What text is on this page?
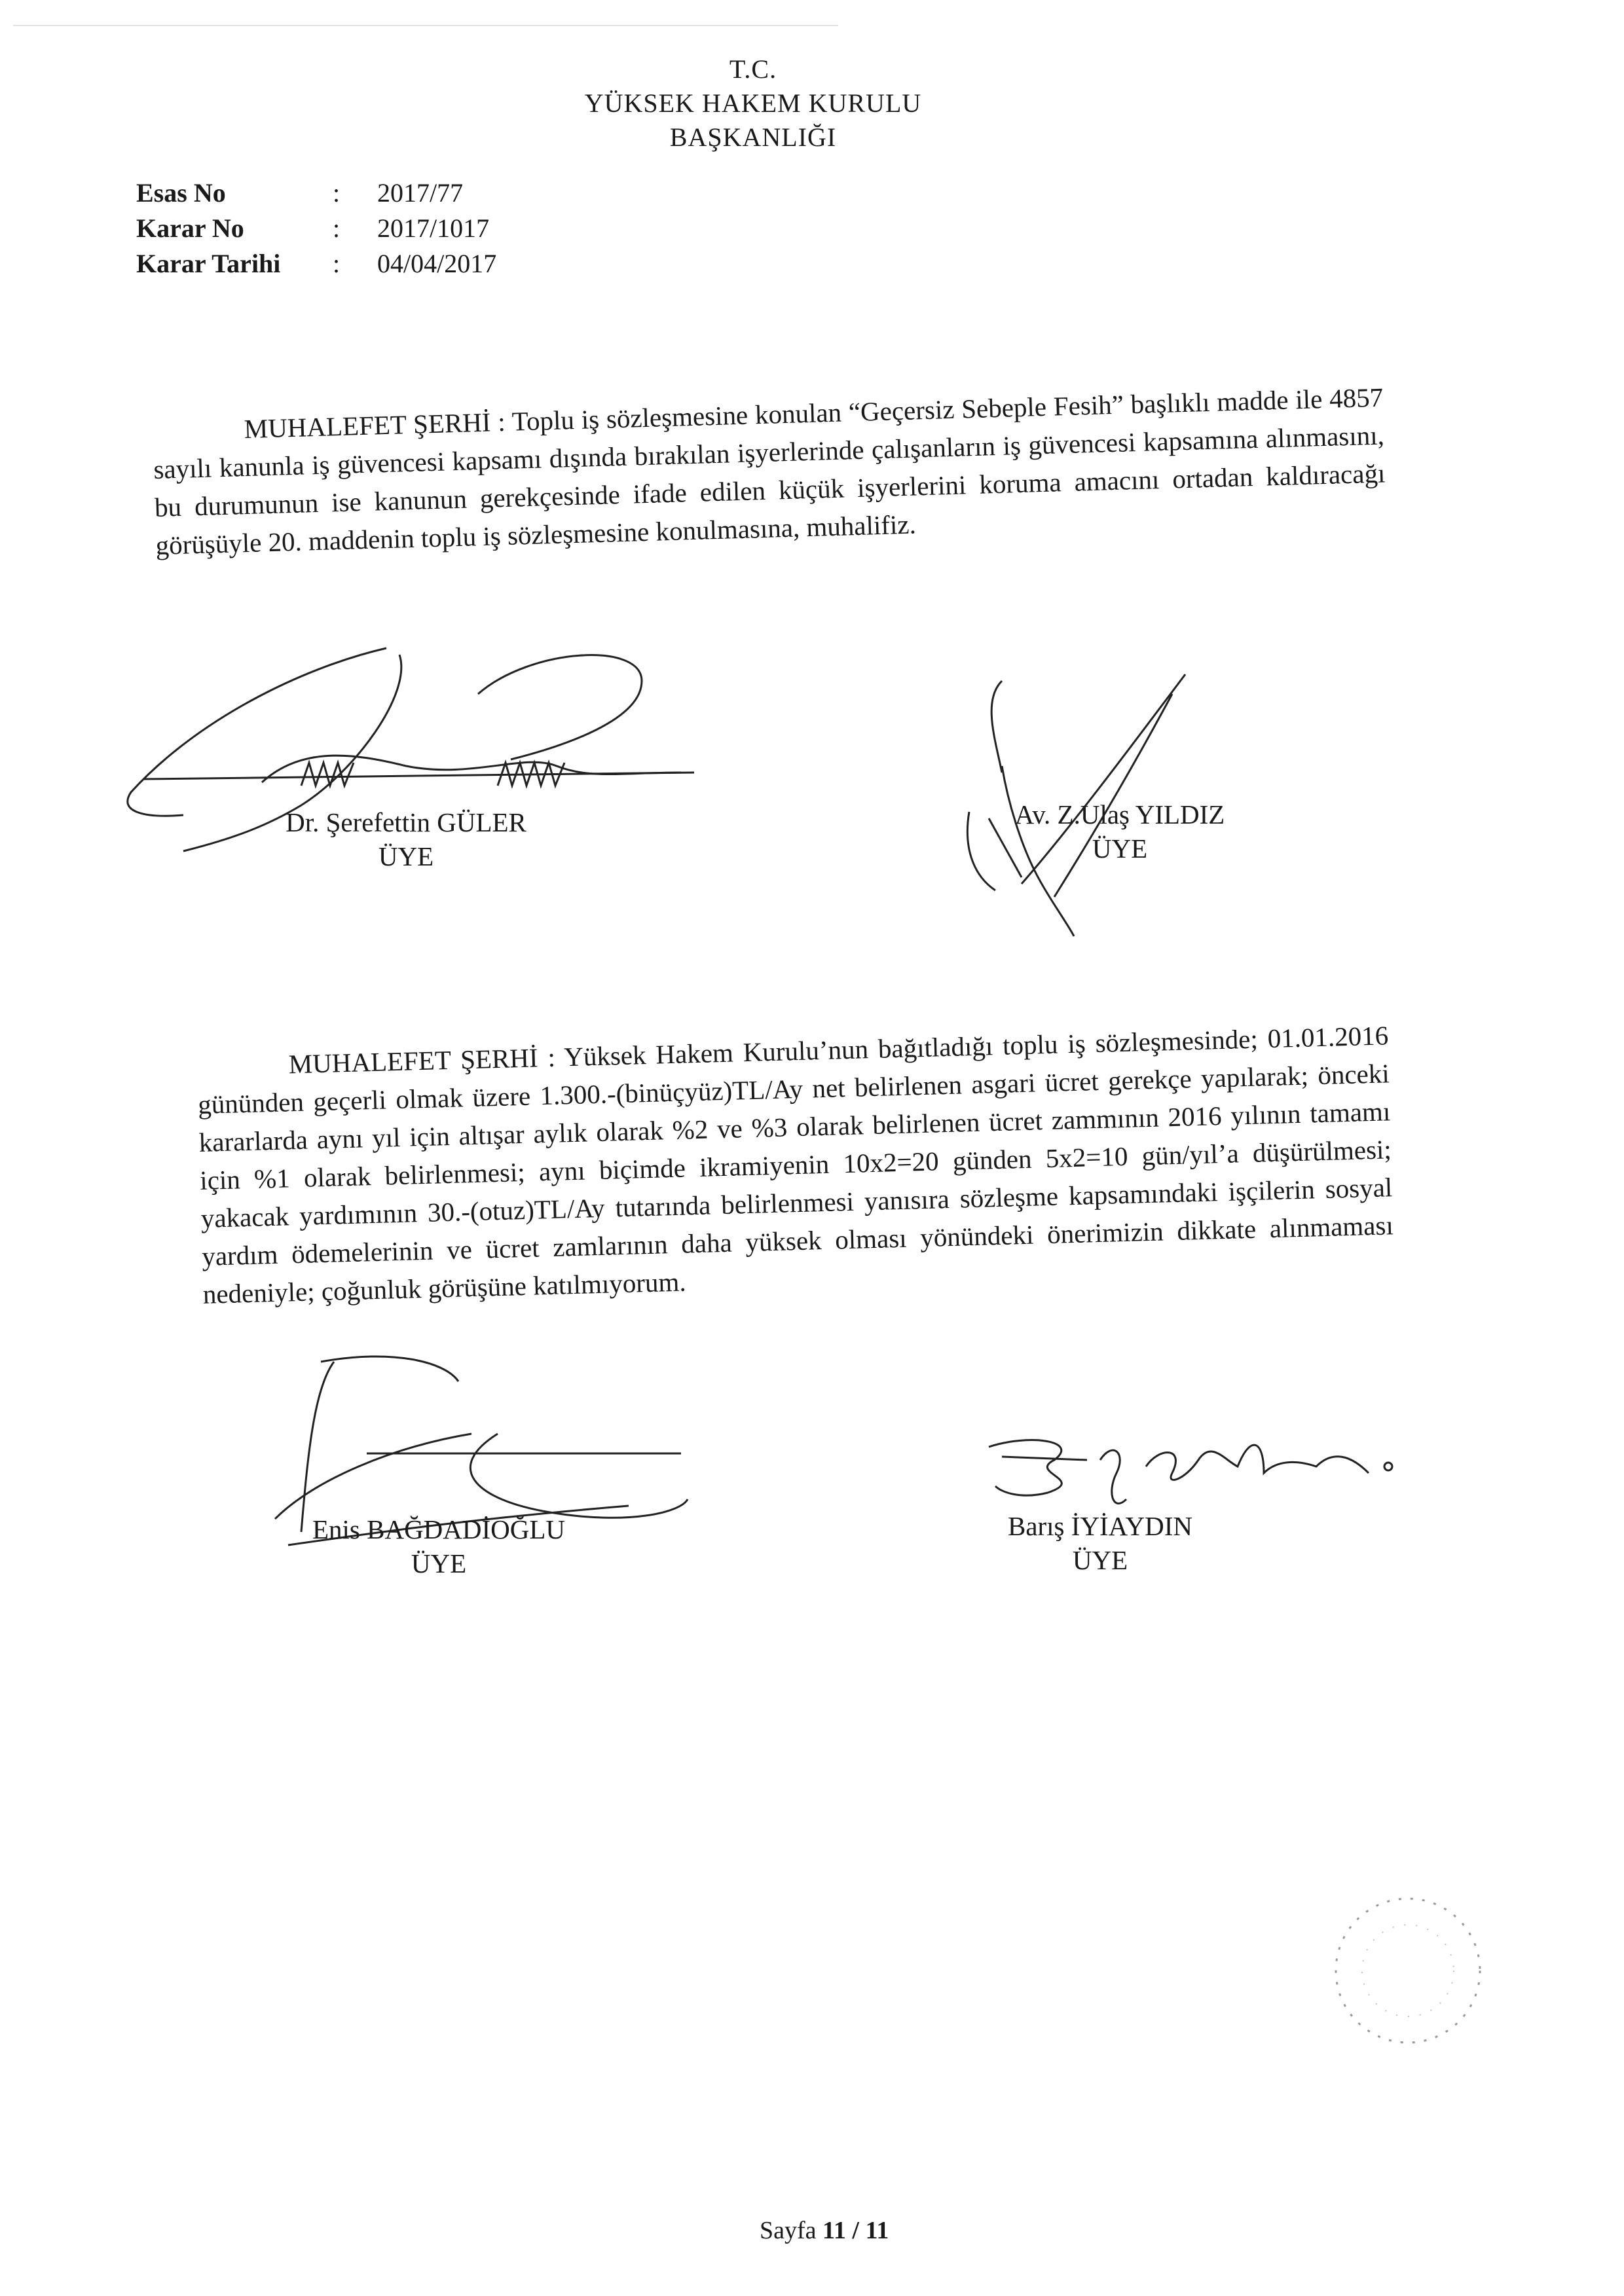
T.C.
YÜKSEK HAKEM KURULU
BAŞKANLIĞI
Esas No	:	2017/77
Karar No	:	2017/1017
Karar Tarihi	:	04/04/2017
MUHALEFET ŞERHİ : Toplu iş sözleşmesine konulan “Geçersiz Sebeple Fesih” başlıklı madde ile 4857 sayılı kanunla iş güvencesi kapsamı dışında bırakılan işyerlerinde çalışanların iş güvencesi kapsamına alınmasını, bu durumunun ise kanunun gerekçesinde ifade edilen küçük işyerlerini koruma amacını ortadan kaldıracağı görüşüyle 20. maddenin toplu iş sözleşmesine konulmasına, muhalifiz.
Dr. Şerefettin GÜLER
ÜYE
Av. Z.Ulaş YILDIZ
ÜYE
MUHALEFET ŞERHİ : Yüksek Hakem Kurulu’nun bağıtladığı toplu iş sözleşmesinde; 01.01.2016 gününden geçerli olmak üzere 1.300.-(binüçyüz)TL/Ay net belirlenen asgari ücret gerekçe yapılarak; önceki kararlarda aynı yıl için altışar aylık olarak %2 ve %3 olarak belirlenen ücret zammının 2016 yılının tamamı için %1 olarak belirlenmesi; aynı biçimde ikramiyenin 10x2=20 günden 5x2=10 gün/yıl’a düşürülmesi; yakacak yardımının 30.-(otuz)TL/Ay tutarında belirlenmesi yanısıra sözleşme kapsamındaki işçilerin sosyal yardım ödemelerinin ve ücret zamlarının daha yüksek olması yönündeki önerimizin dikkate alınmaması nedeniyle; çoğunluk görüşüne katılmıyorum.
Enis BAĞDADİOĞLU
ÜYE
Barış İYİAYDIN
ÜYE
Sayfa 11 / 11
